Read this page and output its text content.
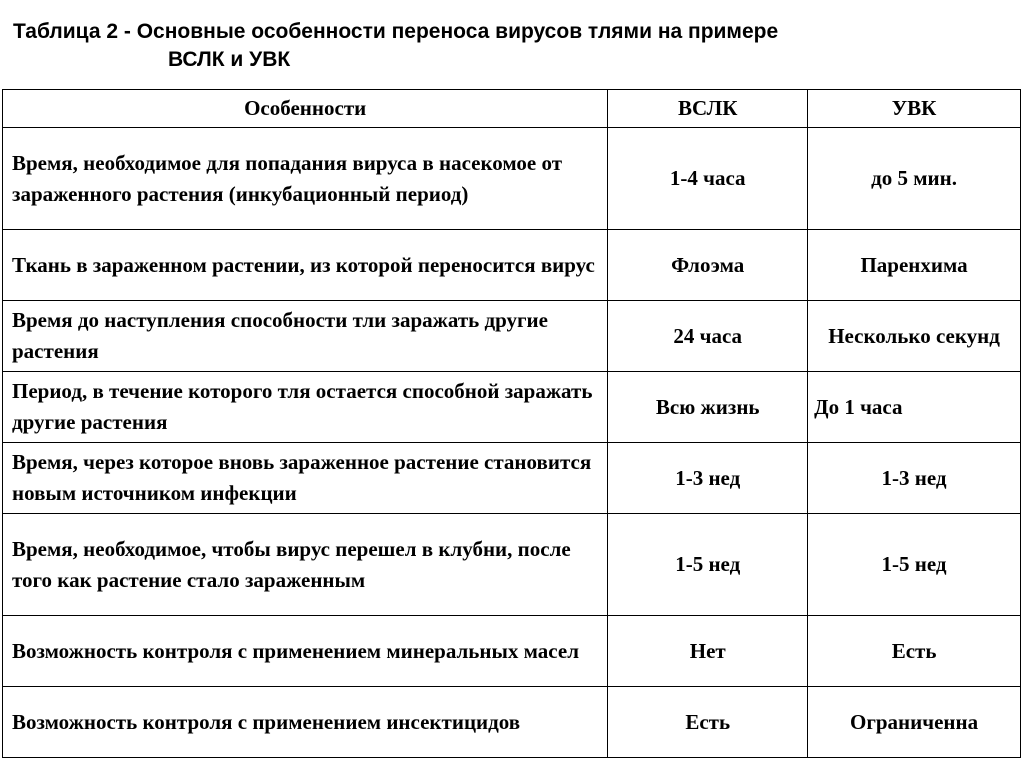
Таблица 2 - Основные особенности переноса вирусов тлями на примере
ВСЛК и УВК
Особенности	ВСЛК	УВК
Время, необходимое для попадания вируса в насекомое от зараженного растения (инкубационный период)	1-4 часа	до 5 мин.
Ткань в зараженном растении, из которой переносится вирус	Флоэма	Паренхима
Время до наступления способности тли заражать другие растения	24 часа	Несколько секунд
Период, в течение которого тля остается способной заражать другие растения	Всю жизнь	До 1 часа
Время, через которое вновь зараженное растение становится новым источником инфекции	1-3 нед	1-3 нед
Время, необходимое, чтобы вирус перешел в клубни, после того как растение стало зараженным	1-5 нед	1-5 нед
Возможность контроля с применением минеральных масел	Нет	Есть
Возможность контроля с применением инсектицидов	Есть	Ограниченна
